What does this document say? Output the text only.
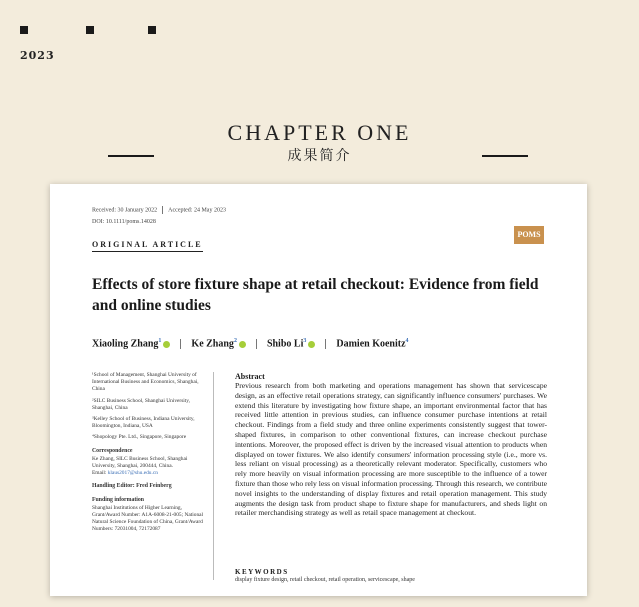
2023
CHAPTER ONE
成果简介
Received: 30 January 2022 Accepted: 24 May 2023
DOI: 10.1111/poms.14028
ORIGINAL ARTICLE
POMS
Effects of store fixture shape at retail checkout: Evidence from field and online studies
Xiaoling Zhang$^1$	Ke Zhang$^2$	Shibo Li$^3$	Damien Koenitz$^4$

¹School of Management, Shanghai University of International Business and Economics, Shanghai, China

²SILC Business School, Shanghai University, Shanghai, China

³Kelley School of Business, Indiana University, Bloomington, Indiana, USA

⁴Shopology Pte. Ltd., Singapore, Singapore

Correspondence

Ke Zhang, SILC Business School, Shanghai University, Shanghai, 200444, China.

Email: klaus2017@shu.edu.cn

Handling Editor: Fred Feinberg

Funding information

Shanghai Institutions of Higher Learning, Grant/Award Number: A1A-6008-21-005; National Natural Science Foundation of China, Grant/Award Numbers: 72031004, 72172087

Abstract
Previous research from both marketing and operations management has shown that servicescape design, as an effective retail operations strategy, can significantly influence consumers' purchases. We extend this literature by investigating how fixture shape, an important environmental factor that has received little attention in previous studies, can influence consumer purchase intentions at retail checkout. Findings from a field study and three online experiments consistently suggest that tower-shaped fixtures, in comparison to other conventional fixtures, can increase checkout purchase intentions. Moreover, the proposed effect is driven by the increased visual attention to products when displayed on tower fixtures. We also identify consumers' information processing style (i.e., more vs. less reliant on visual processing) as a theoretically relevant moderator. Specifically, customers who rely more heavily on visual information processing are more susceptible to the influence of a tower fixture than those who rely less on visual information processing. Through this research, we contribute novel insights to the understanding of display fixtures and retail operation management. This study augments the design task from product shape to fixture shape for manufacturers, and sheds light on retailer merchandising strategy as well as retail space management at checkout.
KEYWORDS
display fixture design, retail checkout, retail operation, servicescape, shape
